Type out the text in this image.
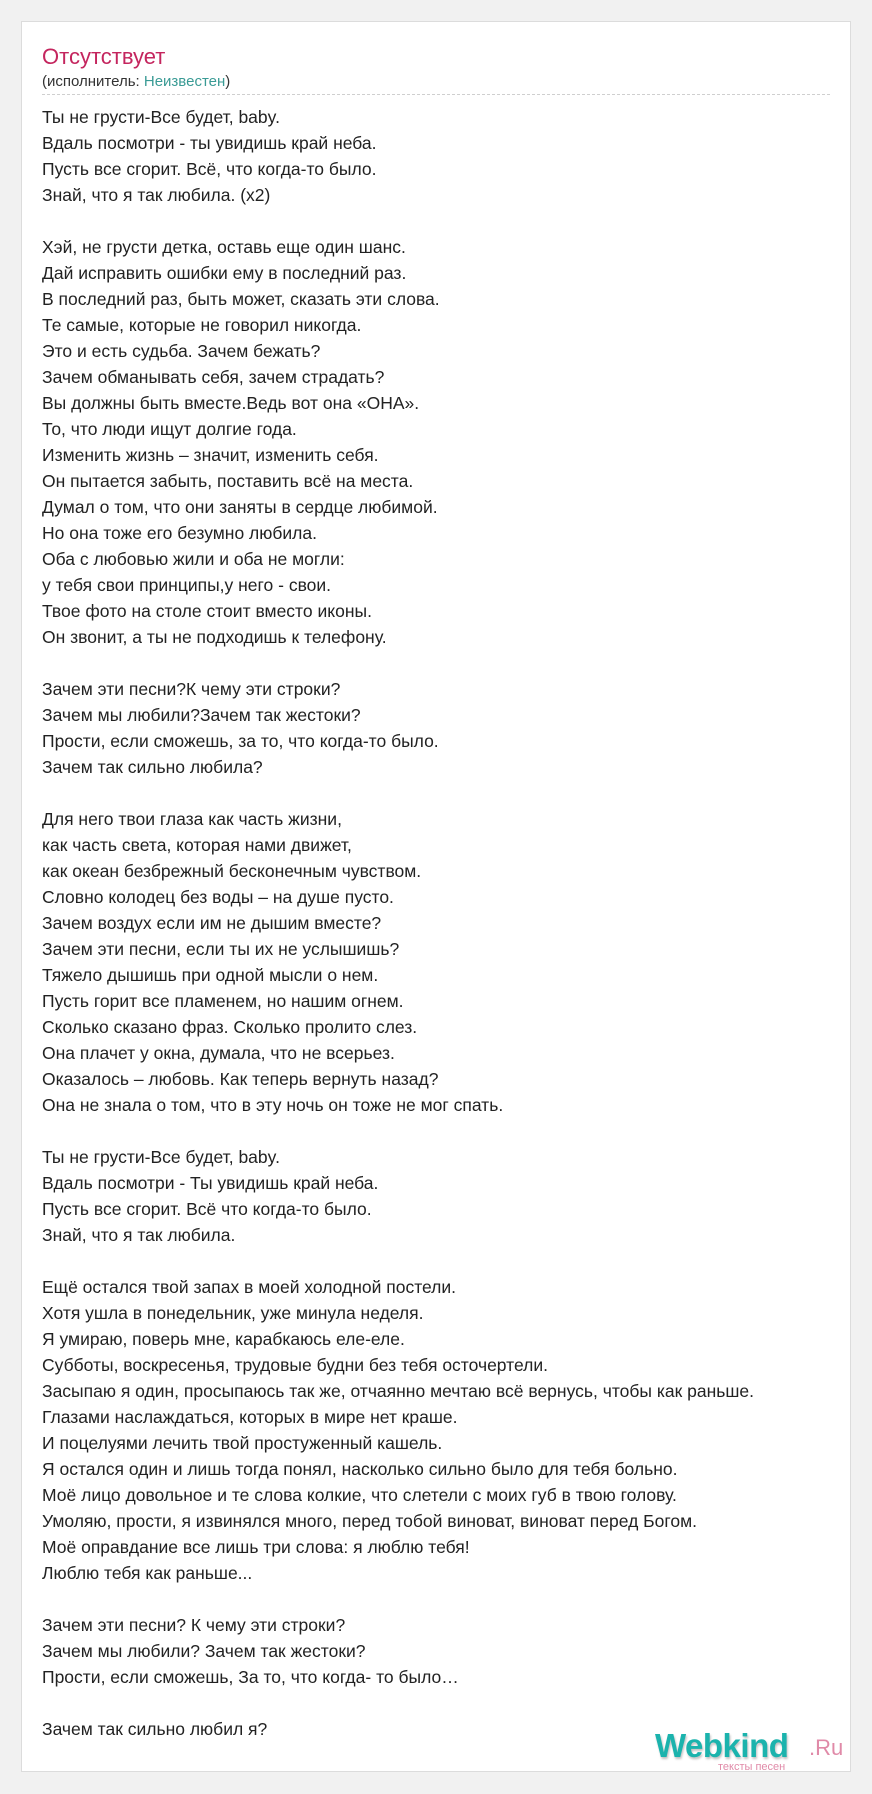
Отсутствует
(исполнитель: Неизвестен)
Ты не грусти-Все будет, baby.
Вдаль посмотри - ты увидишь край неба.
Пусть все сгорит. Всё, что когда-то было.
Знай, что я так любила. (x2)
Хэй, не грусти детка, оставь еще один шанс.
Дай исправить ошибки ему в последний раз.
В последний раз, быть может, сказать эти слова.
Те самые, которые не говорил никогда.
Это и есть судьба. Зачем бежать?
Зачем обманывать себя, зачем страдать?
Вы должны быть вместе.Ведь вот она «ОНА».
То, что люди ищут долгие года.
Изменить жизнь – значит, изменить себя.
Он пытается забыть, поставить всё на места.
Думал о том, что они заняты в сердце любимой.
Но она тоже его безумно любила.
Оба с любовью жили и оба не могли:
у тебя свои принципы,у него - свои.
Твое фото на столе стоит вместо иконы.
Он звонит, а ты не подходишь к телефону.
Зачем эти песни?К чему эти строки?
Зачем мы любили?Зачем так жестоки?
Прости, если сможешь, за то, что когда-то было.
Зачем так сильно любила?
Для него твои глаза как часть жизни,
как часть света, которая нами движет,
как океан безбрежный бесконечным чувством.
Словно колодец без воды – на душе пусто.
Зачем воздух если им не дышим вместе?
Зачем эти песни, если ты их не услышишь?
Тяжело дышишь при одной мысли о нем.
Пусть горит все пламенем, но нашим огнем.
Сколько сказано фраз. Сколько пролито слез.
Она плачет у окна, думала, что не всерьез.
Оказалось – любовь. Как теперь вернуть назад?
Она не знала о том, что в эту ночь он тоже не мог спать.
Ты не грусти-Все будет, baby.
Вдаль посмотри - Ты увидишь край неба.
Пусть все сгорит. Всё что когда-то было.
Знай, что я так любила.
Ещё остался твой запах в моей холодной постели.
Хотя ушла в понедельник, уже минула неделя.
Я умираю, поверь мне, карабкаюсь еле-еле.
Субботы, воскресенья, трудовые будни без тебя осточертели.
Засыпаю я один, просыпаюсь так же, отчаянно мечтаю всё вернусь, чтобы как раньше.
Глазами наслаждаться, которых в мире нет краше.
И поцелуями лечить твой простуженный кашель.
Я остался один и лишь тогда понял, насколько сильно было для тебя больно.
Моё лицо довольное и те слова колкие, что слетели с моих губ в твою голову.
Умоляю, прости, я извинялся много, перед тобой виноват, виноват перед Богом.
Моё оправдание все лишь три слова: я люблю тебя!
Люблю тебя как раньше...
Зачем эти песни? К чему эти строки?
Зачем мы любили? Зачем так жестоки?
Прости, если сможешь, За то, что когда- то было…
Зачем так сильно любил я?	Webkind .Ru
тексты песен
